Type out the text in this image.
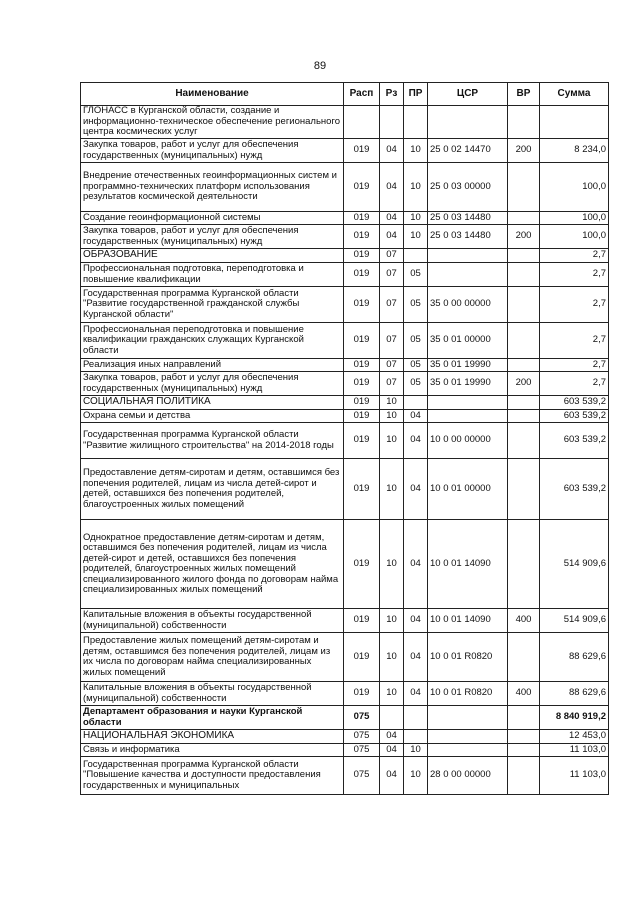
89
Наименование	Расп	Рз	ПР	ЦСР	ВР	Сумма
ГЛОНАСС в Курганской области, создание и информационно-техническое обеспечение регионального центра космических услуг						
Закупка товаров, работ и услуг для обеспечения государственных (муниципальных) нужд	019	04	10	25 0 02 14470	200	8 234,0
Внедрение отечественных геоинформационных систем и программно-технических платформ использования результатов космической деятельности	019	04	10	25 0 03 00000		100,0
Создание геоинформационной системы	019	04	10	25 0 03 14480		100,0
Закупка товаров, работ и услуг для обеспечения государственных (муниципальных) нужд	019	04	10	25 0 03 14480	200	100,0
ОБРАЗОВАНИЕ	019	07				2,7
Профессиональная подготовка, переподготовка и повышение квалификации	019	07	05			2,7
Государственная программа Курганской области "Развитие государственной гражданской службы Курганской области"	019	07	05	35 0 00 00000		2,7
Профессиональная переподготовка и повышение квалификации гражданских служащих Курганской области	019	07	05	35 0 01 00000		2,7
Реализация иных направлений	019	07	05	35 0 01 19990		2,7
Закупка товаров, работ и услуг для обеспечения государственных (муниципальных) нужд	019	07	05	35 0 01 19990	200	2,7
СОЦИАЛЬНАЯ ПОЛИТИКА	019	10				603 539,2
Охрана семьи и детства	019	10	04			603 539,2
Государственная программа Курганской области "Развитие жилищного строительства" на 2014-2018 годы	019	10	04	10 0 00 00000		603 539,2
Предоставление детям-сиротам и детям, оставшимся без попечения родителей, лицам из числа детей-сирот и детей, оставшихся без попечения родителей, благоустроенных жилых помещений	019	10	04	10 0 01 00000		603 539,2
Однократное предоставление детям-сиротам и детям, оставшимся без попечения родителей, лицам из числа детей-сирот и детей, оставшихся без попечения родителей, благоустроенных жилых помещений специализированного жилого фонда по договорам найма специализированных жилых помещений	019	10	04	10 0 01 14090		514 909,6
Капитальные вложения в объекты государственной (муниципальной) собственности	019	10	04	10 0 01 14090	400	514 909,6
Предоставление жилых помещений детям-сиротам и детям, оставшимся без попечения родителей, лицам из их числа по договорам найма специализированных жилых помещений	019	10	04	10 0 01 R0820		88 629,6
Капитальные вложения в объекты государственной (муниципальной) собственности	019	10	04	10 0 01 R0820	400	88 629,6
Департамент образования и науки Курганской области	075					8 840 919,2
НАЦИОНАЛЬНАЯ ЭКОНОМИКА	075	04				12 453,0
Связь и информатика	075	04	10			11 103,0
Государственная программа Курганской области "Повышение качества и доступности предоставления государственных и муниципальных	075	04	10	28 0 00 00000		11 103,0
